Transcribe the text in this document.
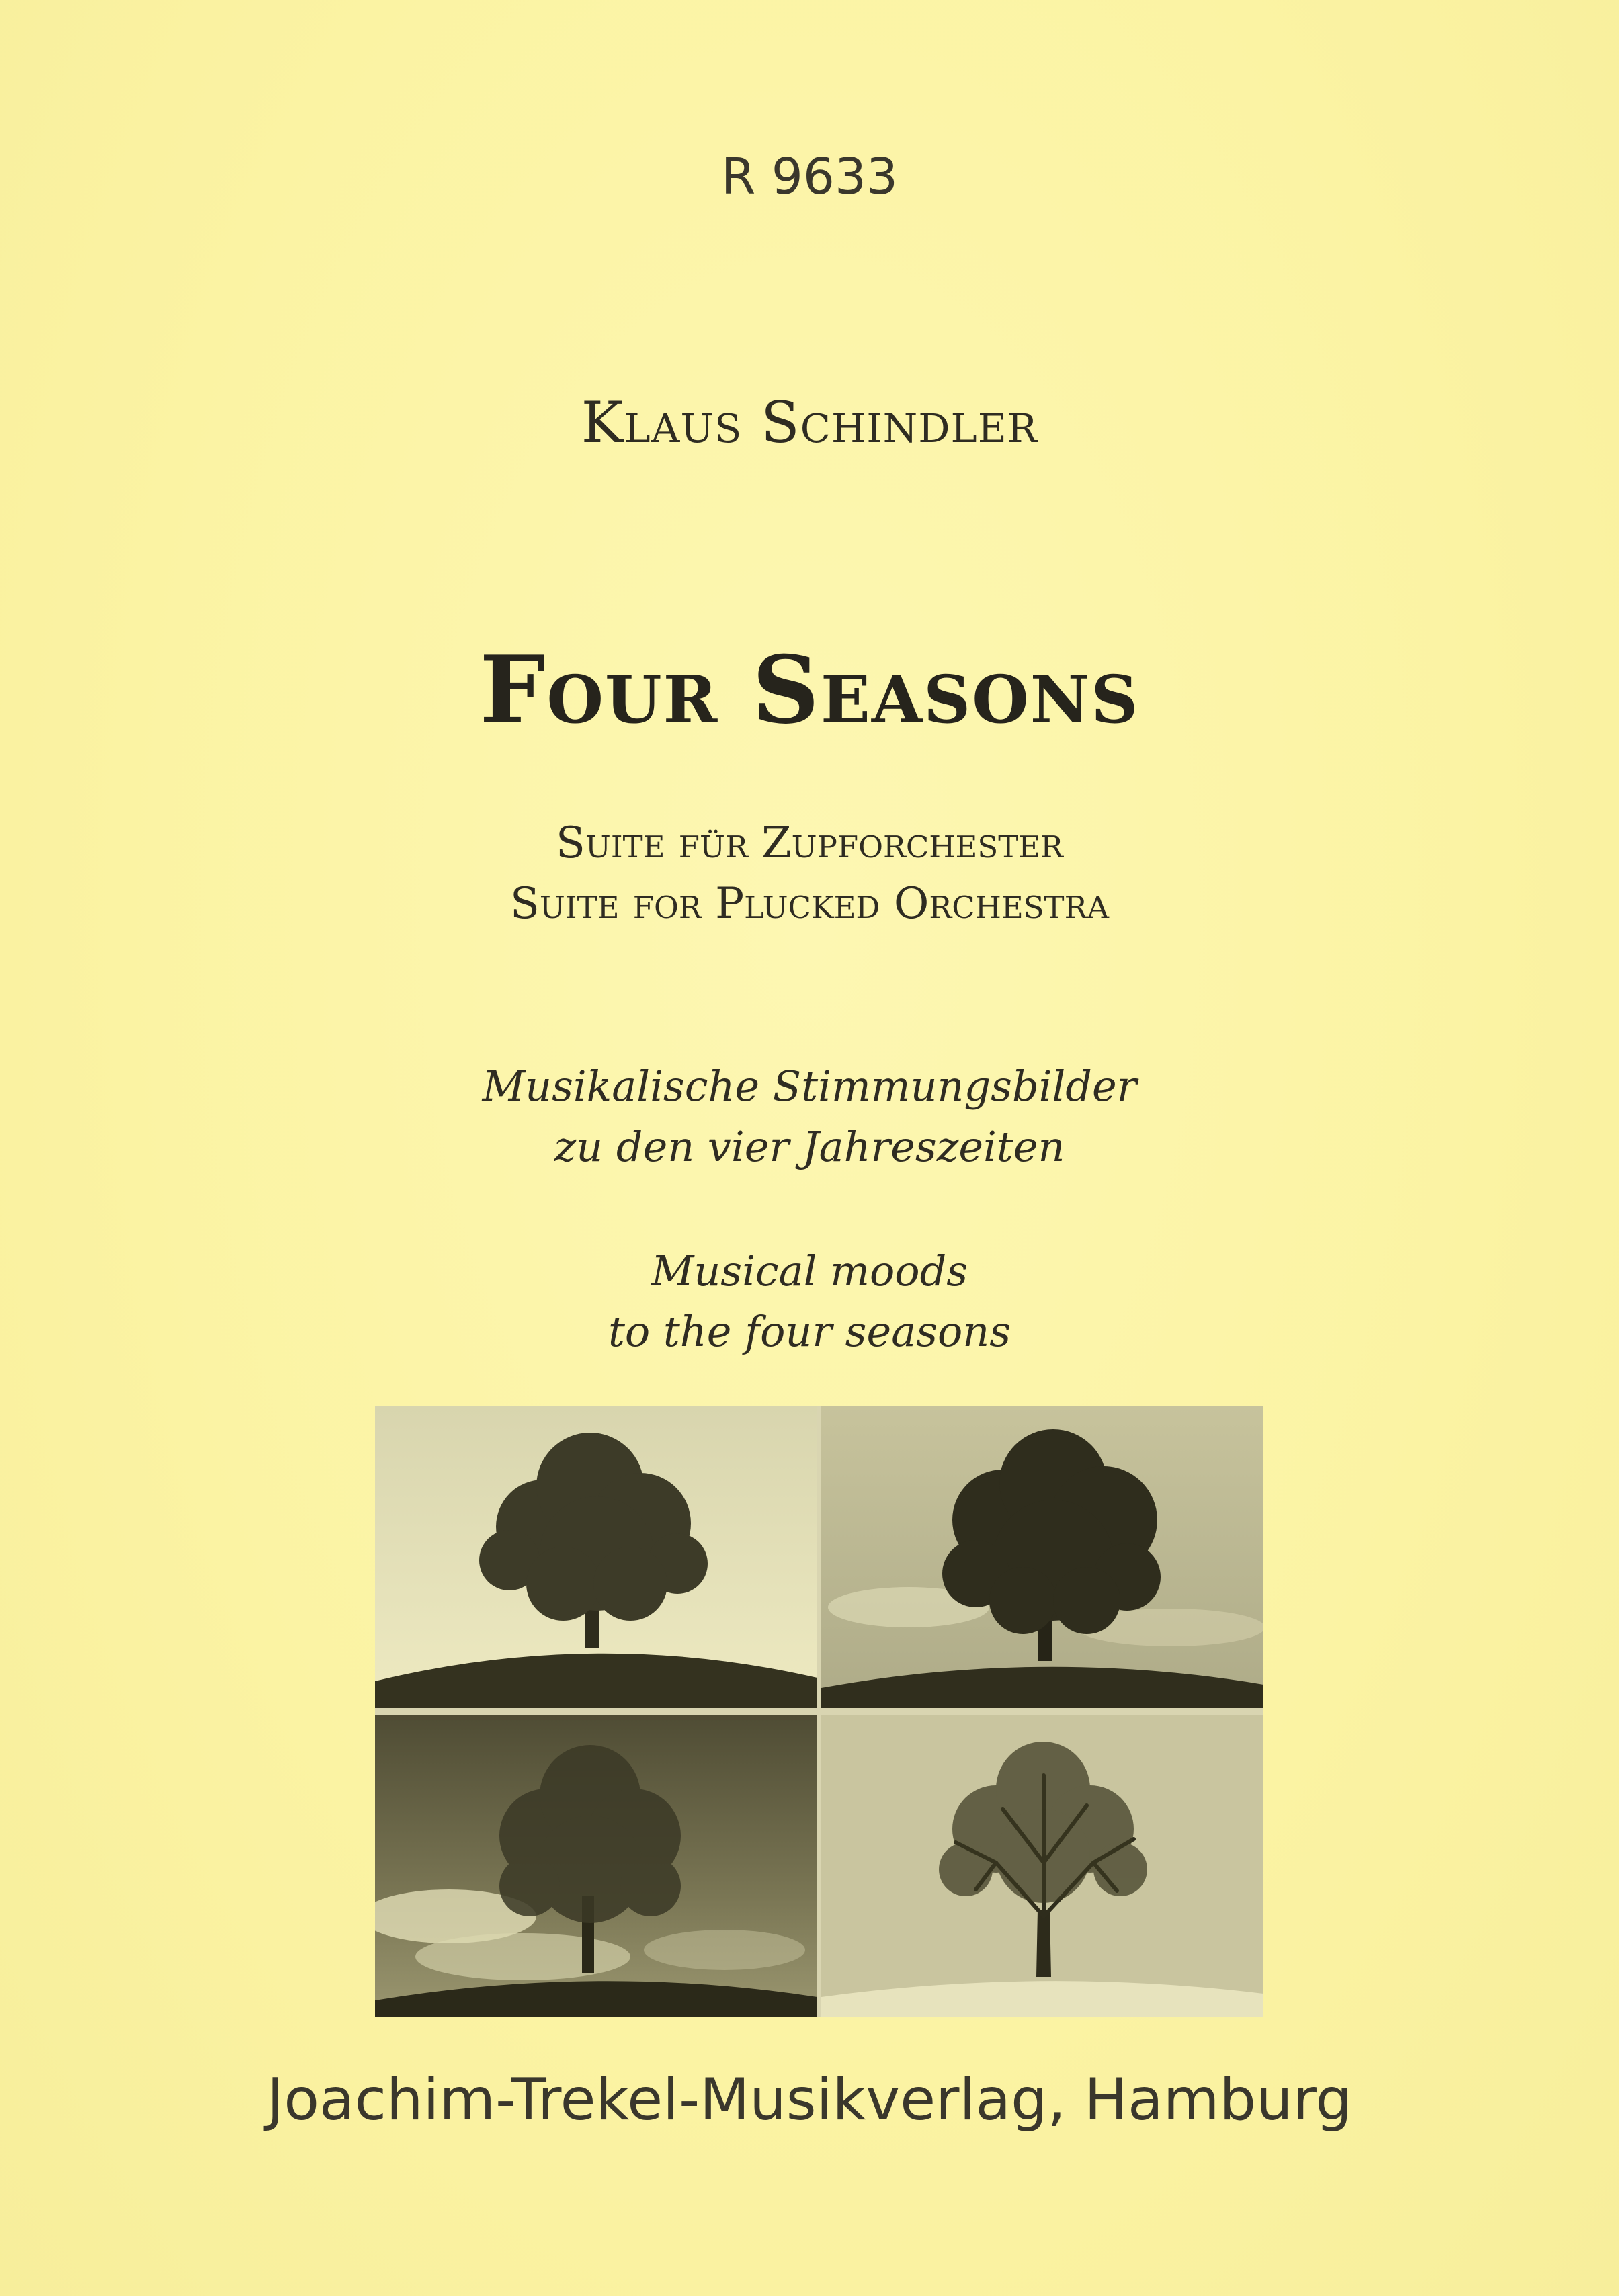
R 9633
Klaus Schindler
Four Seasons
Suite für Zupforchester
Suite for Plucked Orchestra
Musikalische Stimmungsbilder
zu den vier Jahreszeiten
Musical moods
to the four seasons
Joachim-Trekel-Musikverlag, Hamburg
